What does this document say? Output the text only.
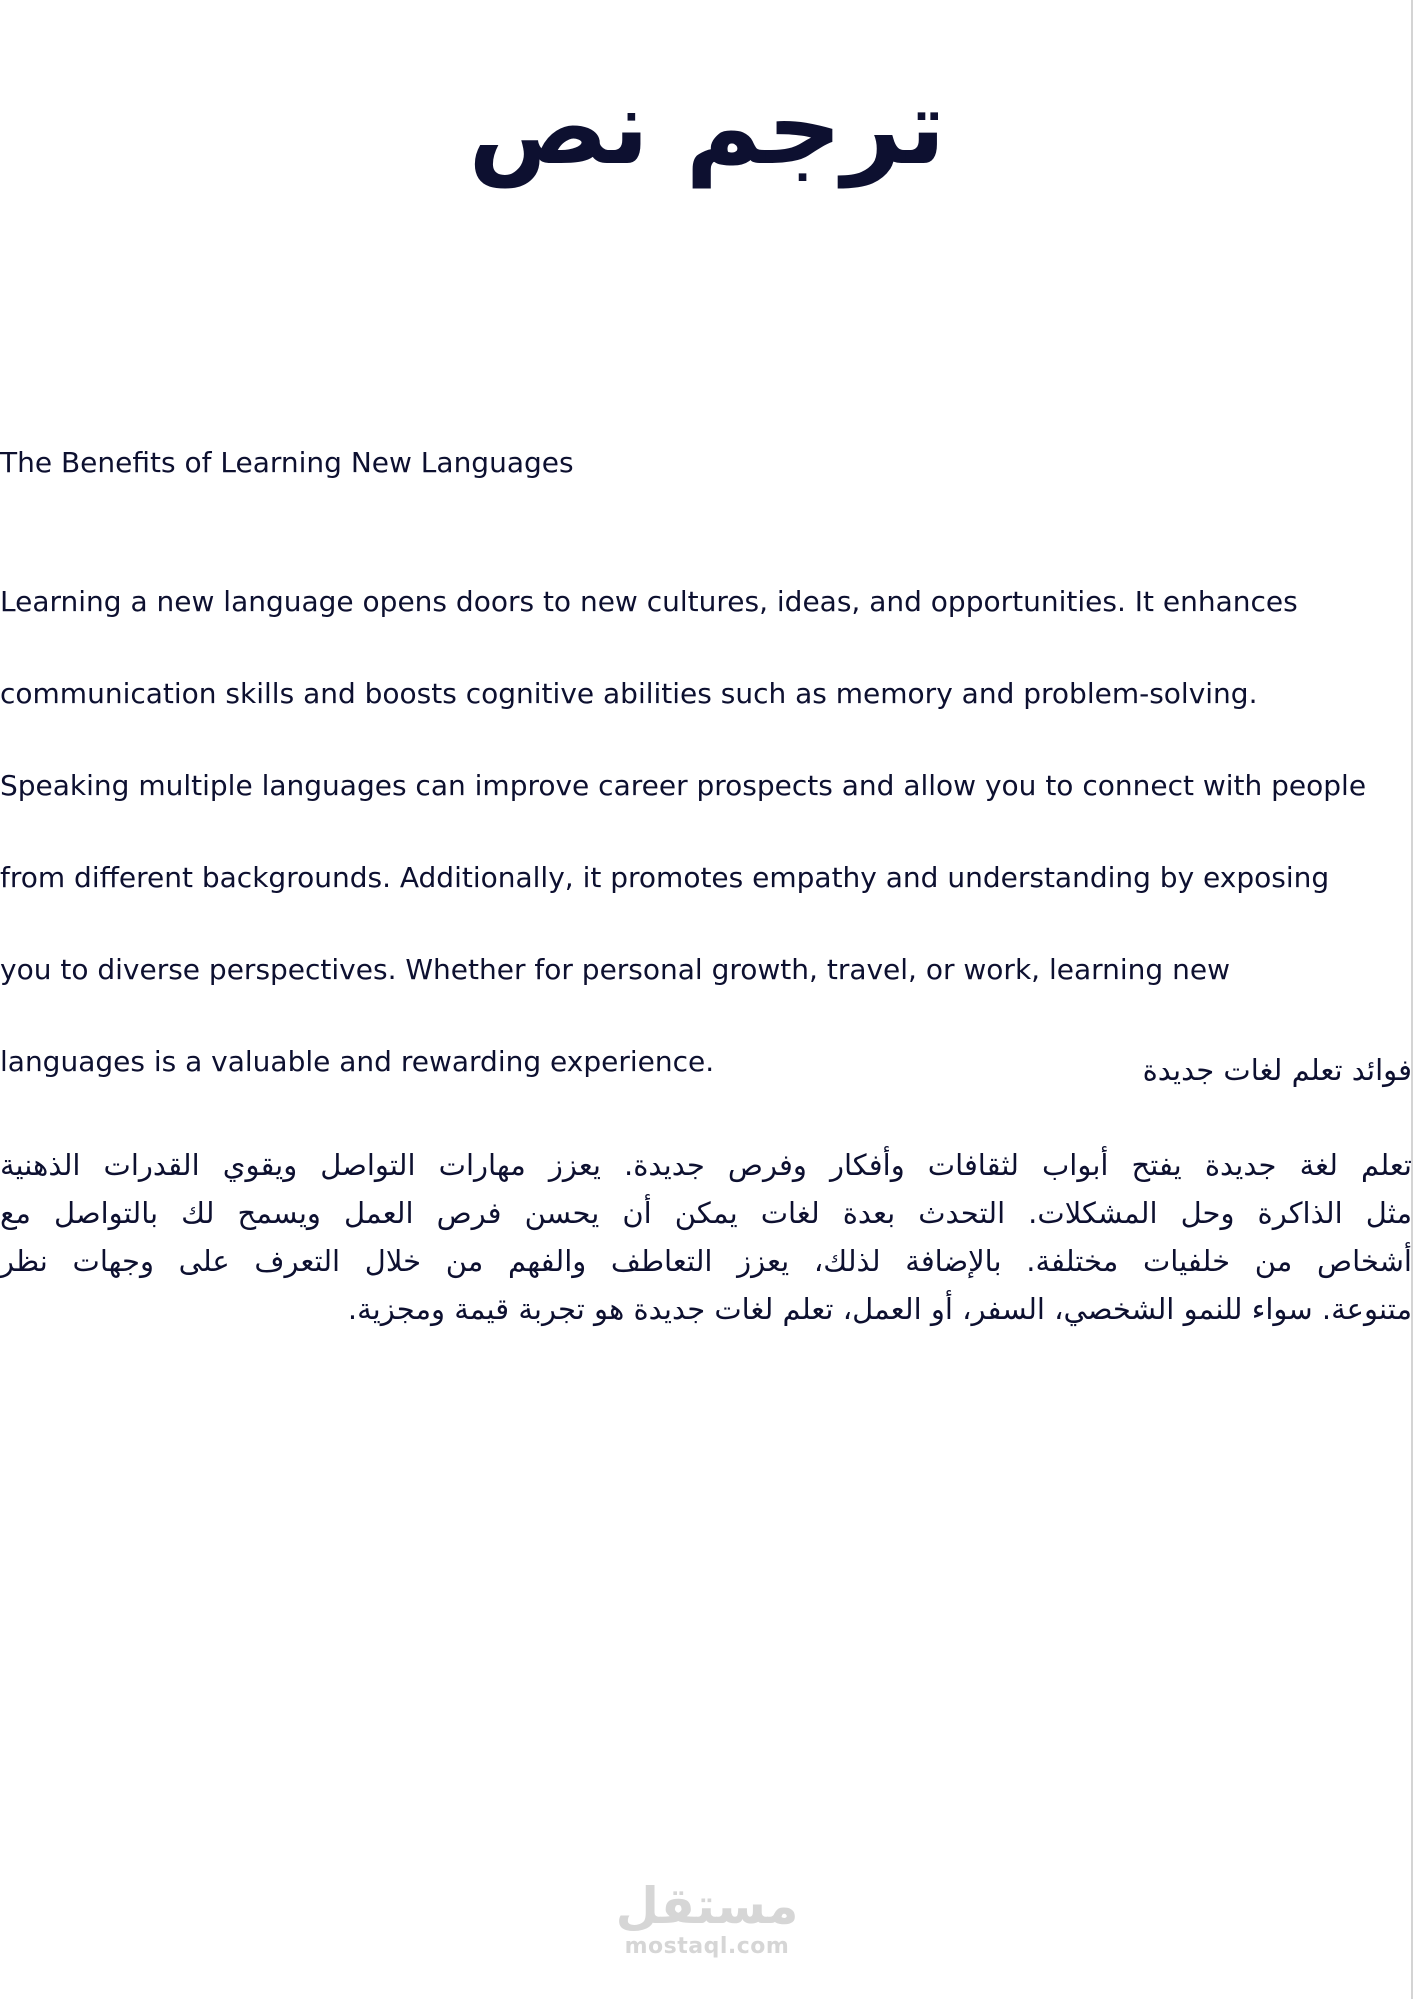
ترجم نص
The Benefits of Learning New Languages

Learning a new language opens doors to new cultures, ideas, and opportunities. It enhances

communication skills and boosts cognitive abilities such as memory and problem-solving.

Speaking multiple languages can improve career prospects and allow you to connect with people

from different backgrounds. Additionally, it promotes empathy and understanding by exposing

you to diverse perspectives. Whether for personal growth, travel, or work, learning new

languages is a valuable and rewarding experience.	فوائد تعلم لغات جديدة
تعلم لغة جديدة يفتح أبواب لثقافات وأفكار وفرص جديدة. يعزز مهارات التواصل ويقوي القدرات الذهنية
مثل الذاكرة وحل المشكلات. التحدث بعدة لغات يمكن أن يحسن فرص العمل ويسمح لك بالتواصل مع
أشخاص من خلفيات مختلفة. بالإضافة لذلك، يعزز التعاطف والفهم من خلال التعرف على وجهات نظر
متنوعة. سواء للنمو الشخصي، السفر، أو العمل، تعلم لغات جديدة هو تجربة قيمة ومجزية.
مستقل
mostaql.com
